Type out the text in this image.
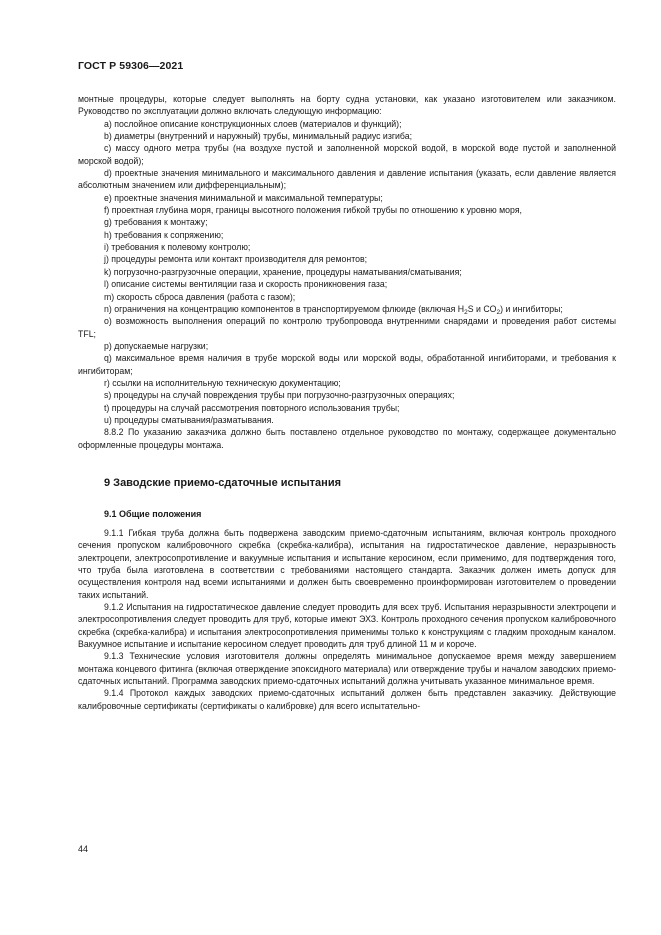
ГОСТ Р 59306—2021

монтные процедуры, которые следует выполнять на борту судна установки, как указано изготовителем или заказчиком. Руководство по эксплуатации должно включать следующую информацию:

a) послойное описание конструкционных слоев (материалов и функций);

b) диаметры (внутренний и наружный) трубы, минимальный радиус изгиба;

c) массу одного метра трубы (на воздухе пустой и заполненной морской водой, в морской воде пустой и заполненной морской водой);

d) проектные значения минимального и максимального давления и давление испытания (указать, если давление является абсолютным значением или дифференциальным);

e) проектные значения минимальной и максимальной температуры;

f) проектная глубина моря, границы высотного положения гибкой трубы по отношению к уровню моря,

g) требования к монтажу;

h) требования к сопряжению;

i) требования к полевому контролю;

j) процедуры ремонта или контакт производителя для ремонтов;

k) погрузочно-разгрузочные операции, хранение, процедуры наматывания/сматывания;

l) описание системы вентиляции газа и скорость проникновения газа;

m) скорость сброса давления (работа с газом);

n) ограничения на концентрацию компонентов в транспортируемом флюиде (включая $H_2S$ и $CO_2$) и ингибиторы;

o) возможность выполнения операций по контролю трубопровода внутренними снарядами и проведения работ системы TFL;

p) допускаемые нагрузки;

q) максимальное время наличия в трубе морской воды или морской воды, обработанной ингибиторами, и требования к ингибиторам;

r) ссылки на исполнительную техническую документацию;

s) процедуры на случай повреждения трубы при погрузочно-разгрузочных операциях;

t) процедуры на случай рассмотрения повторного использования трубы;

u) процедуры сматывания/разматывания.

8.8.2 По указанию заказчика должно быть поставлено отдельное руководство по монтажу, содержащее документально оформленные процедуры монтажа.

9 Заводские приемо-сдаточные испытания
9.1 Общие положения

9.1.1 Гибкая труба должна быть подвержена заводским приемо-сдаточным испытаниям, включая контроль проходного сечения пропуском калибровочного скребка (скребка-калибра), испытания на гидростатическое давление, неразрывность электроцепи, электросопротивление и вакуумные испытания и испытание керосином, если применимо, для подтверждения того, что труба была изготовлена в соответствии с требованиями настоящего стандарта. Заказчик должен иметь допуск для осуществления контроля над всеми испытаниями и должен быть своевременно проинформирован изготовителем о проведении таких испытаний.

9.1.2 Испытания на гидростатическое давление следует проводить для всех труб. Испытания неразрывности электроцепи и электросопротивления следует проводить для труб, которые имеют ЭХЗ. Контроль проходного сечения пропуском калибровочного скребка (скребка-калибра) и испытания электросопротивления применимы только к конструкциям с гладким проходным каналом. Вакуумное испытание и испытание керосином следует проводить для труб длиной 11 м и короче.

9.1.3 Технические условия изготовителя должны определять минимальное допускаемое время между завершением монтажа концевого фитинга (включая отверждение эпоксидного материала) или отверждение трубы и началом заводских приемо-сдаточных испытаний. Программа заводских приемо-сдаточных испытаний должна учитывать указанное минимальное время.

9.1.4 Протокол каждых заводских приемо-сдаточных испытаний должен быть представлен заказчику. Действующие калибровочные сертификаты (сертификаты о калибровке) для всего испытательно-

44
